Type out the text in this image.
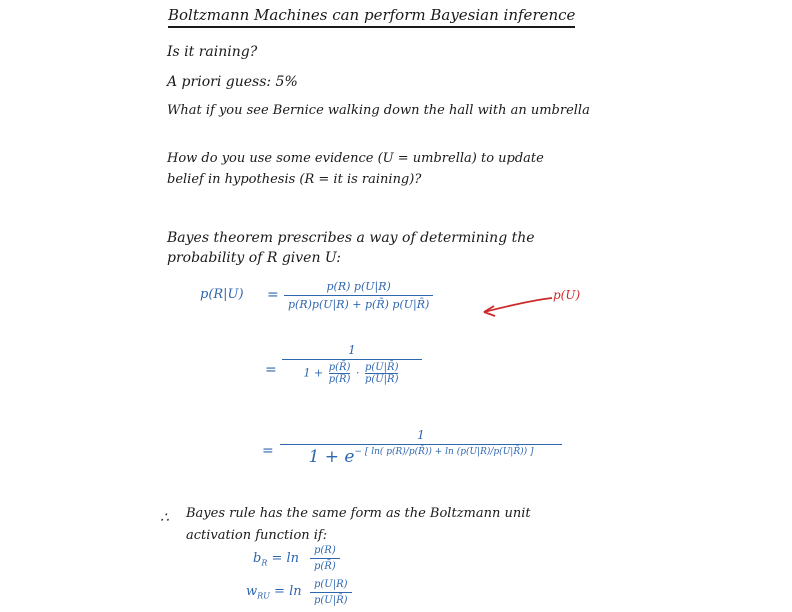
Boltzmann Machines can perform Bayesian inference
Is it raining?
A priori guess: 5%
What if you see Bernice walking down the hall with an umbrella
How do you use some evidence (U = umbrella) to update
belief in hypothesis (R = it is raining)?
Bayes theorem prescribes a way of determining the
probability of R given U:
$p(R|U) = \frac{p(R) p(U|R)}{p(R)p(U|R) + p(R̄) p(U|R̄)}$	p(U)
=
1
$1 + \frac{p(R̄)}{p(R)} \cdot \frac{p(U|R̄)}{p(U|R)}$
= $\frac{1}{1 + e^{- [ ln( p(R)/p(R̄)) + ln (p(U|R)/p(U|R̄)) ]}}$
∴ Bayes rule has the same form as the Boltzmann unit
activation function if:
$b_R = \ln \frac{p(R)}{p(R̄)}$
$w_{RU} = \ln \frac{p(U|R)}{p(U|R̄)}$
